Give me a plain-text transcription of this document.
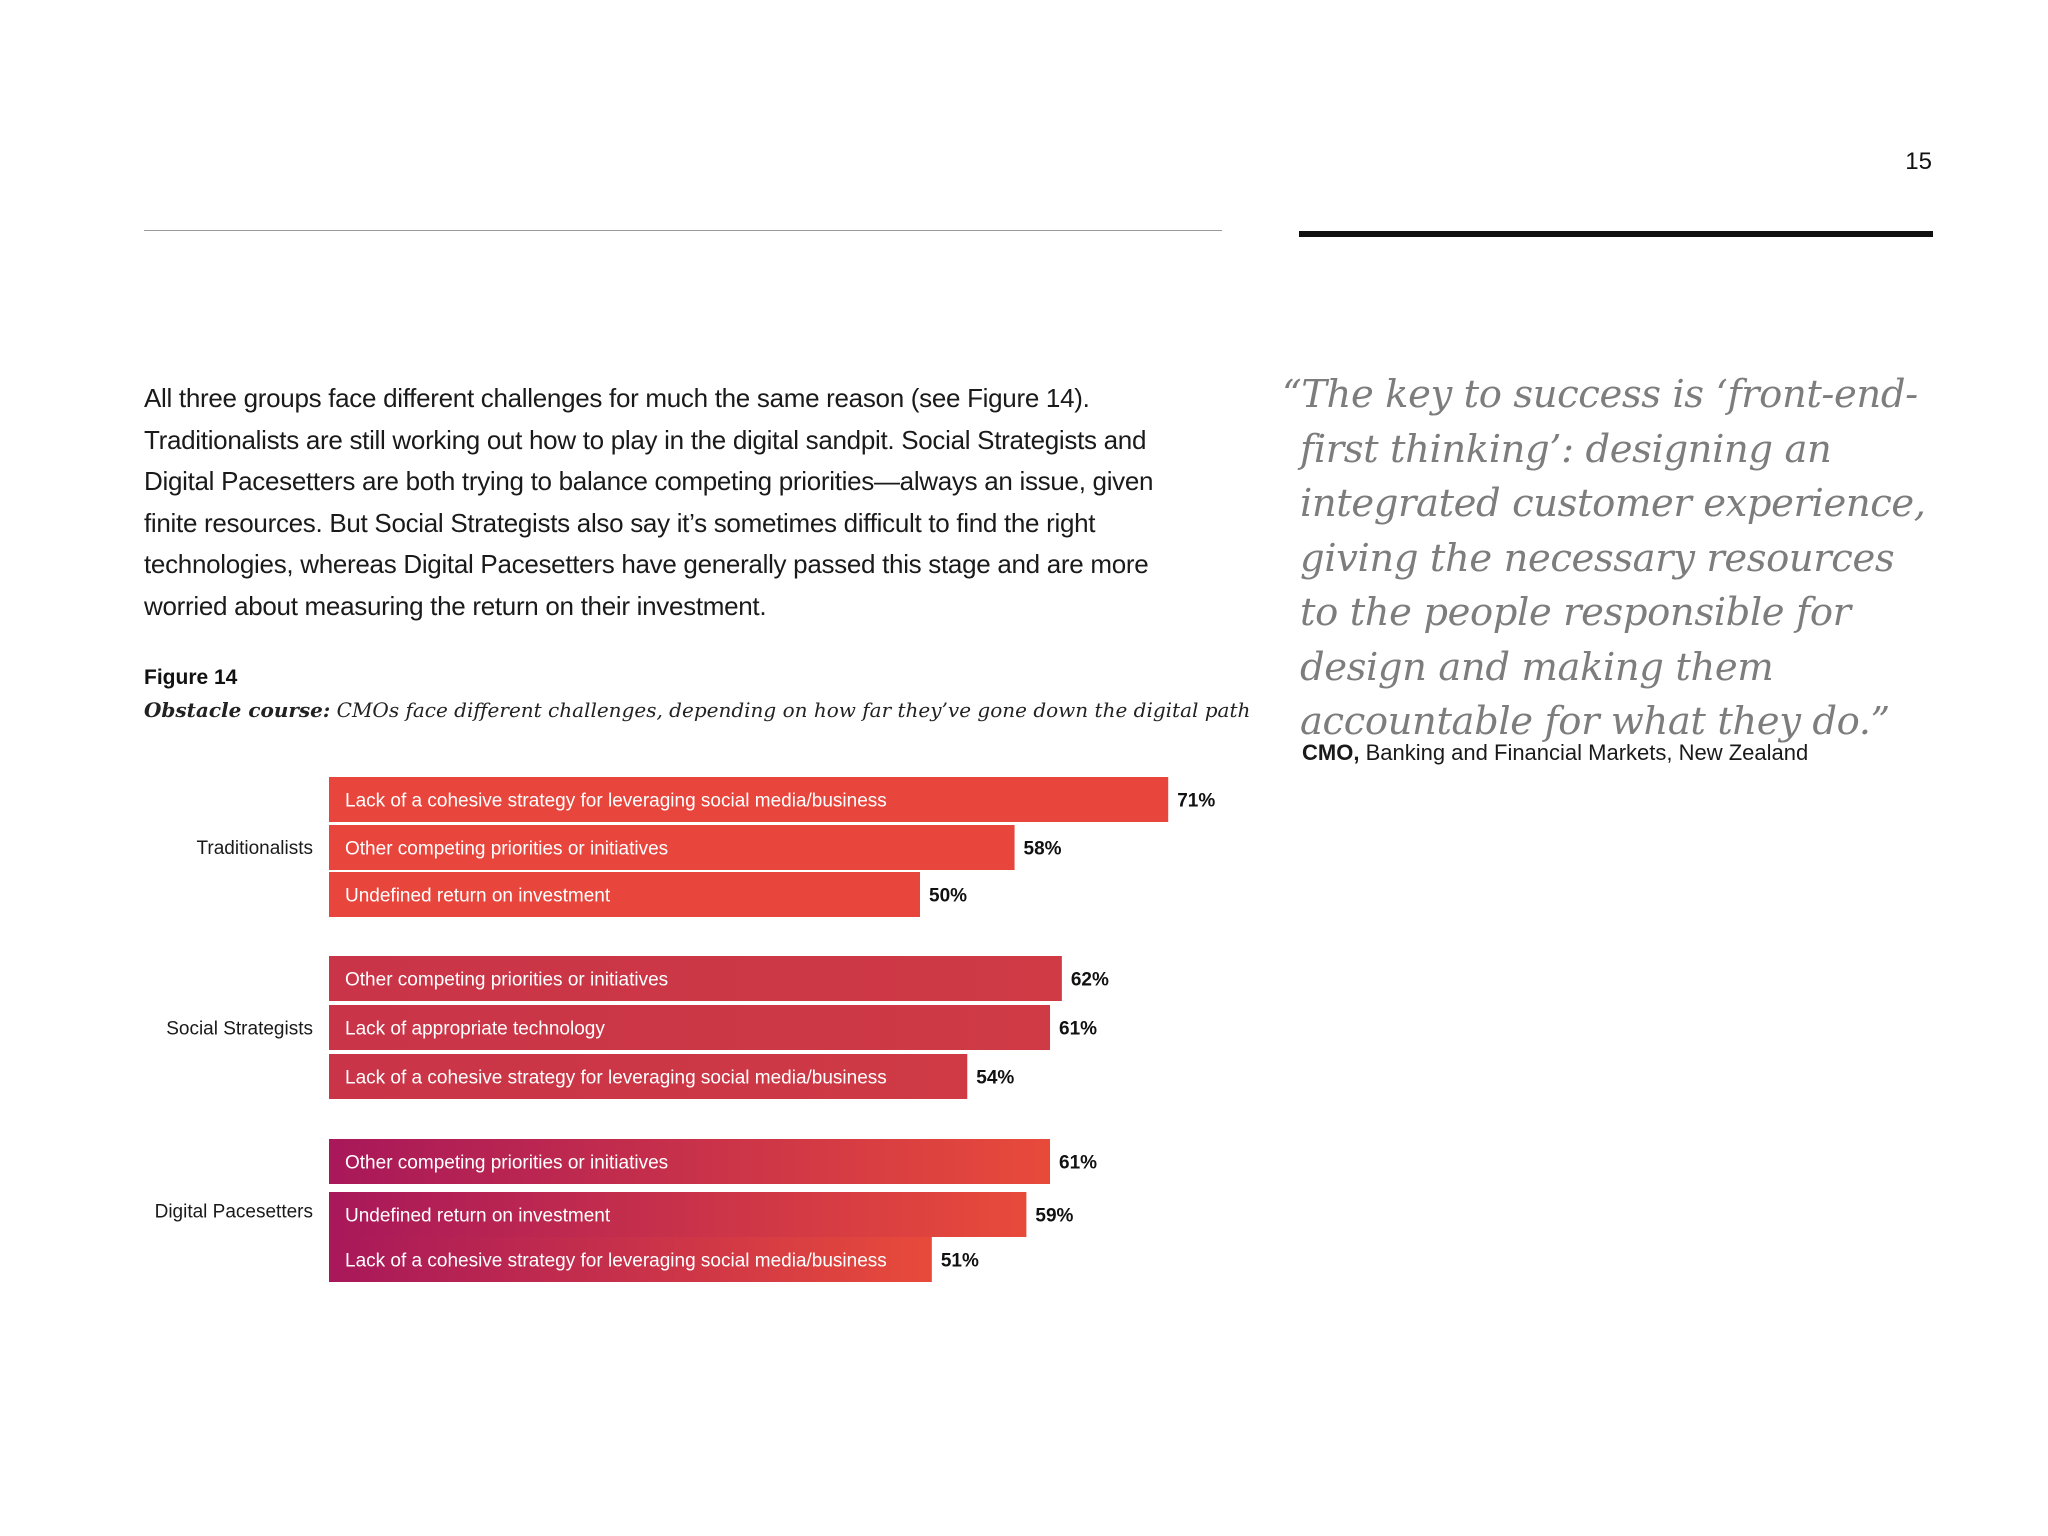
15

All three groups face different challenges for much the same reason (see Figure 14). Traditionalists are still working out how to play in the digital sandpit. Social Strategists and Digital Pacesetters are both trying to balance competing priorities—always an issue, given finite resources. But Social Strategists also say it’s sometimes difficult to find the right technologies, whereas Digital Pacesetters have generally passed this stage and are more worried about measuring the return on their investment.

Figure 14
Obstacle course: CMOs face different challenges, depending on how far they’ve gone down the digital path
Lack of a cohesive strategy for leveraging social media/business	71%
Other competing priorities or initiatives	58%
Undefined return on investment	50%
Traditionalists
Other competing priorities or initiatives	62%
Lack of appropriate technology	61%
Lack of a cohesive strategy for leveraging social media/business	54%
Social Strategists
Other competing priorities or initiatives	61%
Undefined return on investment	59%
Lack of a cohesive strategy for leveraging social media/business	51%
Digital Pacesetters
“The key to success is ‘front-end-first thinking’: designing an integrated customer experience, giving the necessary resources to the people responsible for design and making them accountable for what they do.”
CMO, Banking and Financial Markets, New Zealand
